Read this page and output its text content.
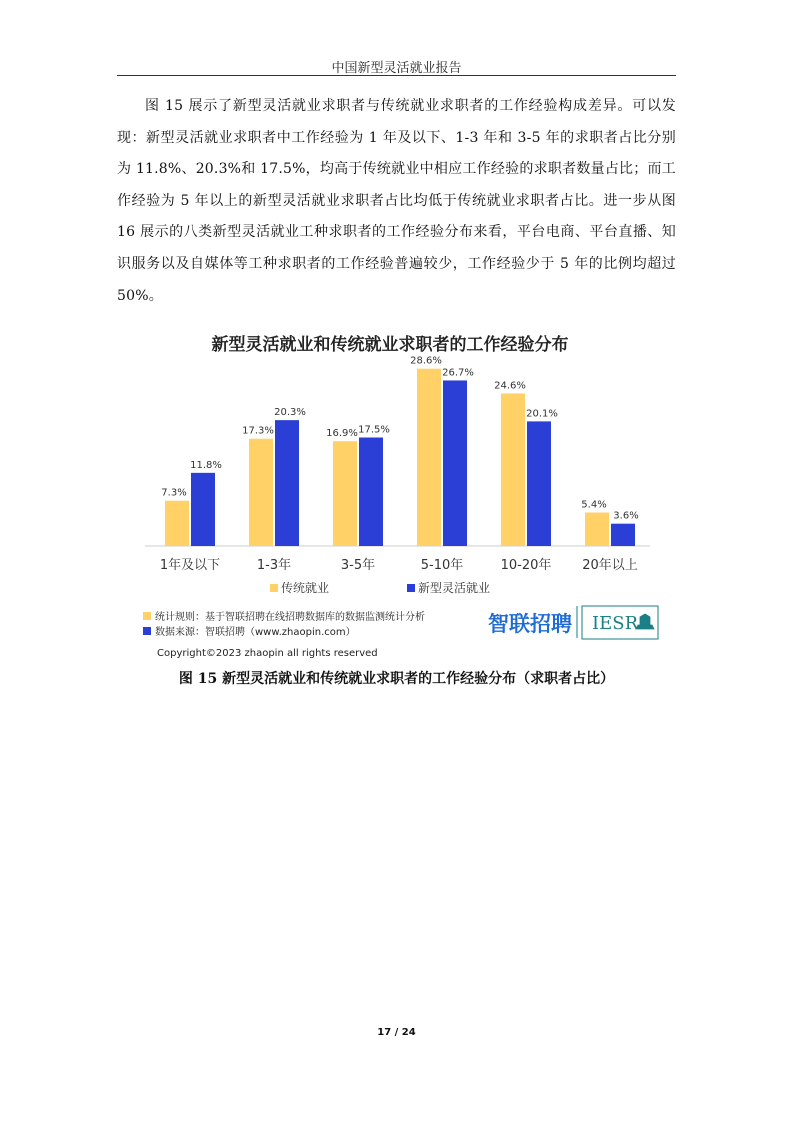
中国新型灵活就业报告

图 15 展示了新型灵活就业求职者与传统就业求职者的工作经验构成差异。可以发现：新型灵活就业求职者中工作经验为 1 年及以下、1-3 年和 3-5 年的求职者占比分别为 11.8%、20.3%和 17.5%，均高于传统就业中相应工作经验的求职者数量占比；而工作经验为 5 年以上的新型灵活就业求职者占比均低于传统就业求职者占比。进一步从图 16 展示的八类新型灵活就业工种求职者的工作经验分布来看，平台电商、平台直播、知识服务以及自媒体等工种求职者的工作经验普遍较少，工作经验少于 5 年的比例均超过 50%。

新型灵活就业和传统就业求职者的工作经验分布
7.3%
11.8%
17.3%
20.3%
16.9% 17.5%
28.6%
26.7%
24.6%
20.1%
5.4%
3.6%
1年及以下	1-3年	3-5年	5-10年	10-20年 20年以上
传统就业	新型灵活就业
统计规则：基于智联招聘在线招聘数据库的数据监测统计分析
数据来源：智联招聘（www.zhaopin.com）	智联招聘 IESR
Copyright©2023 zhaopin all rights reserved
图 15 新型灵活就业和传统就业求职者的工作经验分布（求职者占比）
17 / 24
